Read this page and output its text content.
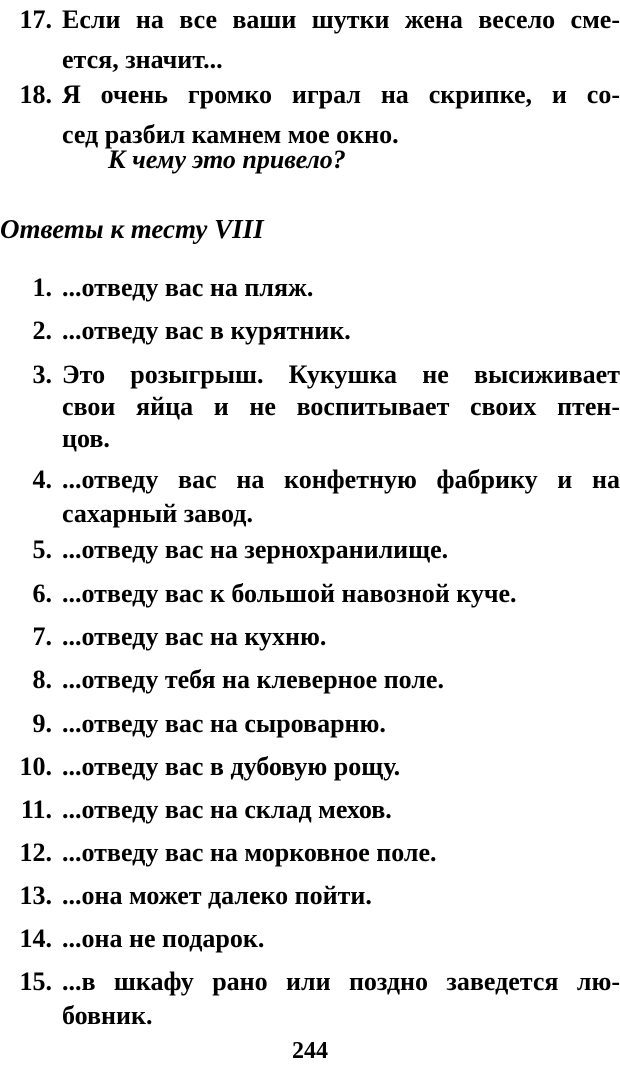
17. Если на все ваши шутки жена весело сме-
ется, значит...
18. Я очень громко играл на скрипке, и со-
сед разбил камнем мое окно.
К чему это привело?
Ответы к тесту VIII
1. ...отведу вас на пляж.
2. ...отведу вас в курятник.
3. Это розыгрыш. Кукушка не высиживает
свои яйца и не воспитывает своих птен-
цов.
4. ...отведу вас на конфетную фабрику и на
сахарный завод.
5. ...отведу вас на зернохранилище.
6. ...отведу вас к большой навозной куче.
7. ...отведу вас на кухню.
8. ...отведу тебя на клеверное поле.
9. ...отведу вас на сыроварню.
10. ...отведу вас в дубовую рощу.
11. ...отведу вас на склад мехов.
12. ...отведу вас на морковное поле.
13. ...она может далеко пойти.
14. ...она не подарок.
15. ...в шкафу рано или поздно заведется лю-
бовник.
244
